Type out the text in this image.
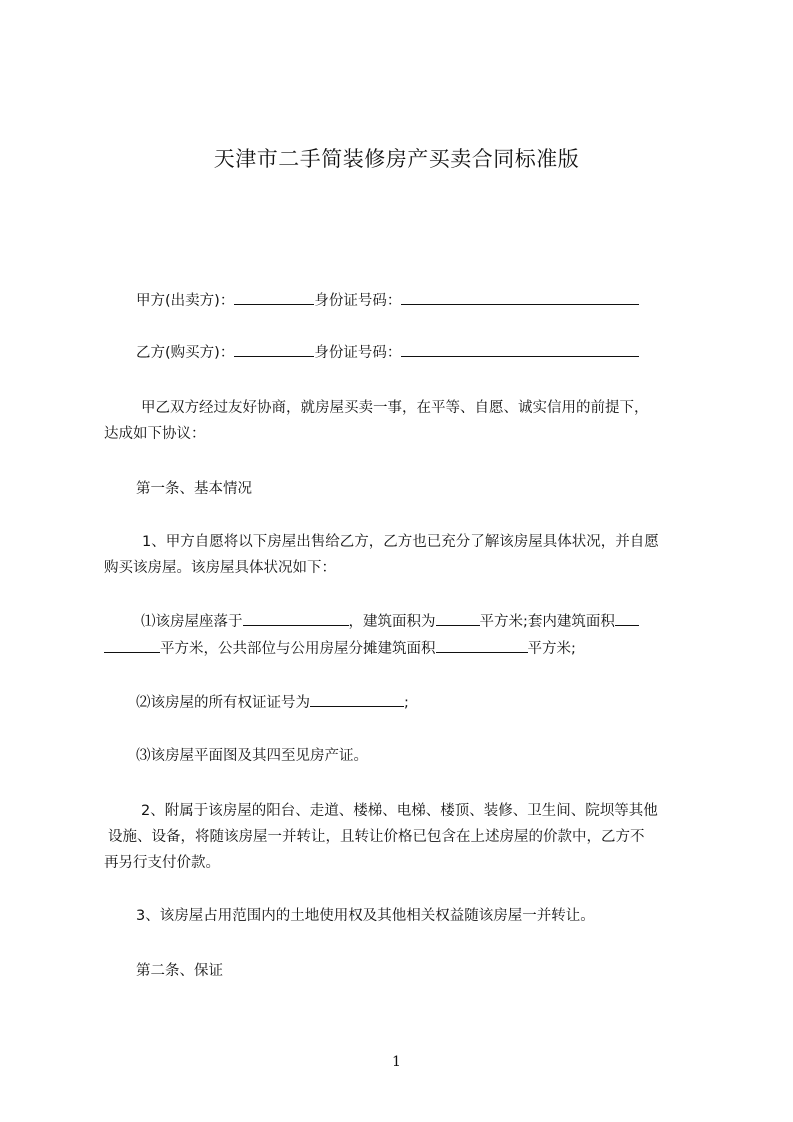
天津市二手简装修房产买卖合同标准版
甲方(出卖方)：	身份证号码：
乙方(购买方)：	身份证号码：
甲乙双方经过友好协商，就房屋买卖一事，在平等、自愿、诚实信用的前提下，
达成如下协议：
第一条、基本情况
1、甲方自愿将以下房屋出售给乙方，乙方也已充分了解该房屋具体状况，并自愿
购买该房屋。该房屋具体状况如下：
⑴该房屋座落于	，建筑面积为	平方米;套内建筑面积
平方米，公共部位与公用房屋分摊建筑面积	平方米;
⑵该房屋的所有权证证号为	;
⑶该房屋平面图及其四至见房产证。
2、附属于该房屋的阳台、走道、楼梯、电梯、楼顶、装修、卫生间、院坝等其他
设施、设备，将随该房屋一并转让，且转让价格已包含在上述房屋的价款中，乙方不
再另行支付价款。
3、该房屋占用范围内的土地使用权及其他相关权益随该房屋一并转让。
第二条、保证
1
